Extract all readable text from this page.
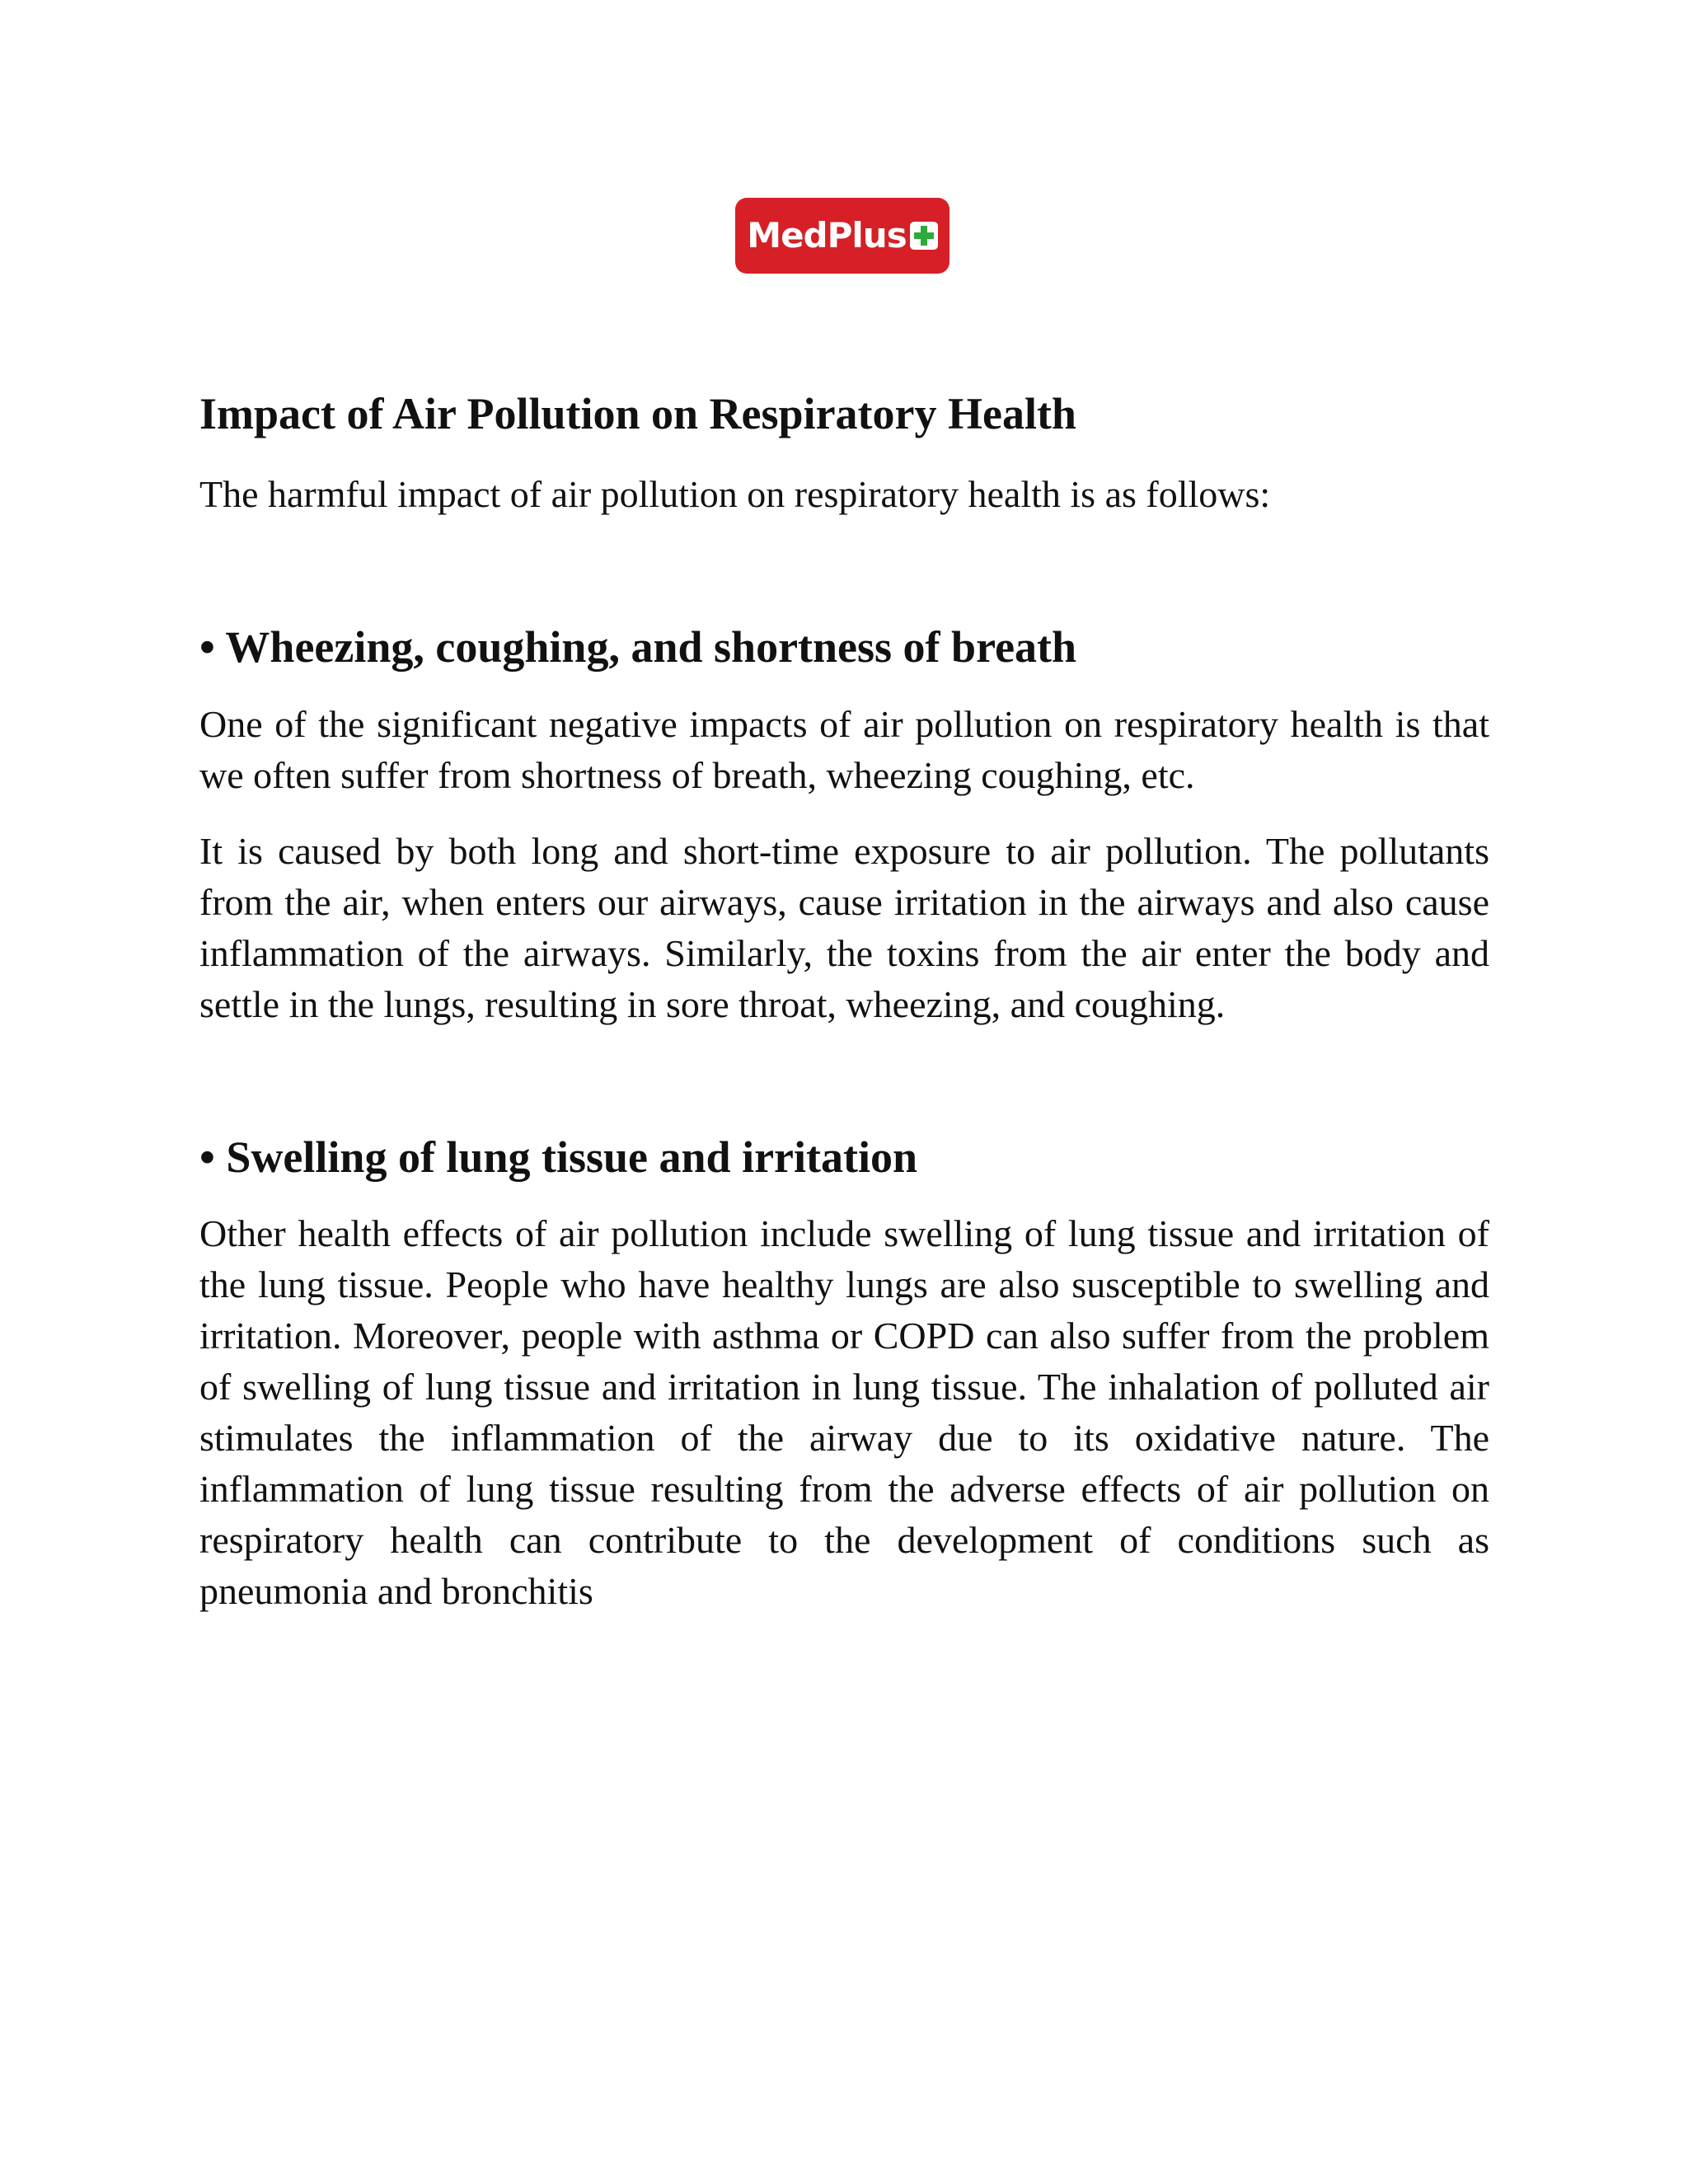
MedPlus
Impact of Air Pollution on Respiratory Health

The harmful impact of air pollution on respiratory health is as follows:

• Wheezing, coughing, and shortness of breath

One of the significant negative impacts of air pollution on respiratory health is that we often suffer from shortness of breath, wheezing coughing, etc.

It is caused by both long and short-time exposure to air pollution. The pollutants from the air, when enters our airways, cause irritation in the airways and also cause inflammation of the airways. Similarly, the toxins from the air enter the body and settle in the lungs, resulting in sore throat, wheezing, and coughing.

• Swelling of lung tissue and irritation

Other health effects of air pollution include swelling of lung tissue and irritation of the lung tissue. People who have healthy lungs are also susceptible to swelling and irritation. Moreover, people with asthma or COPD can also suffer from the problem of swelling of lung tissue and irritation in lung tissue. The inhalation of polluted air stimulates the inflammation of the airway due to its oxidative nature. The inflammation of lung tissue resulting from the adverse effects of air pollution on respiratory health can contribute to the development of conditions such as pneumonia and bronchitis
